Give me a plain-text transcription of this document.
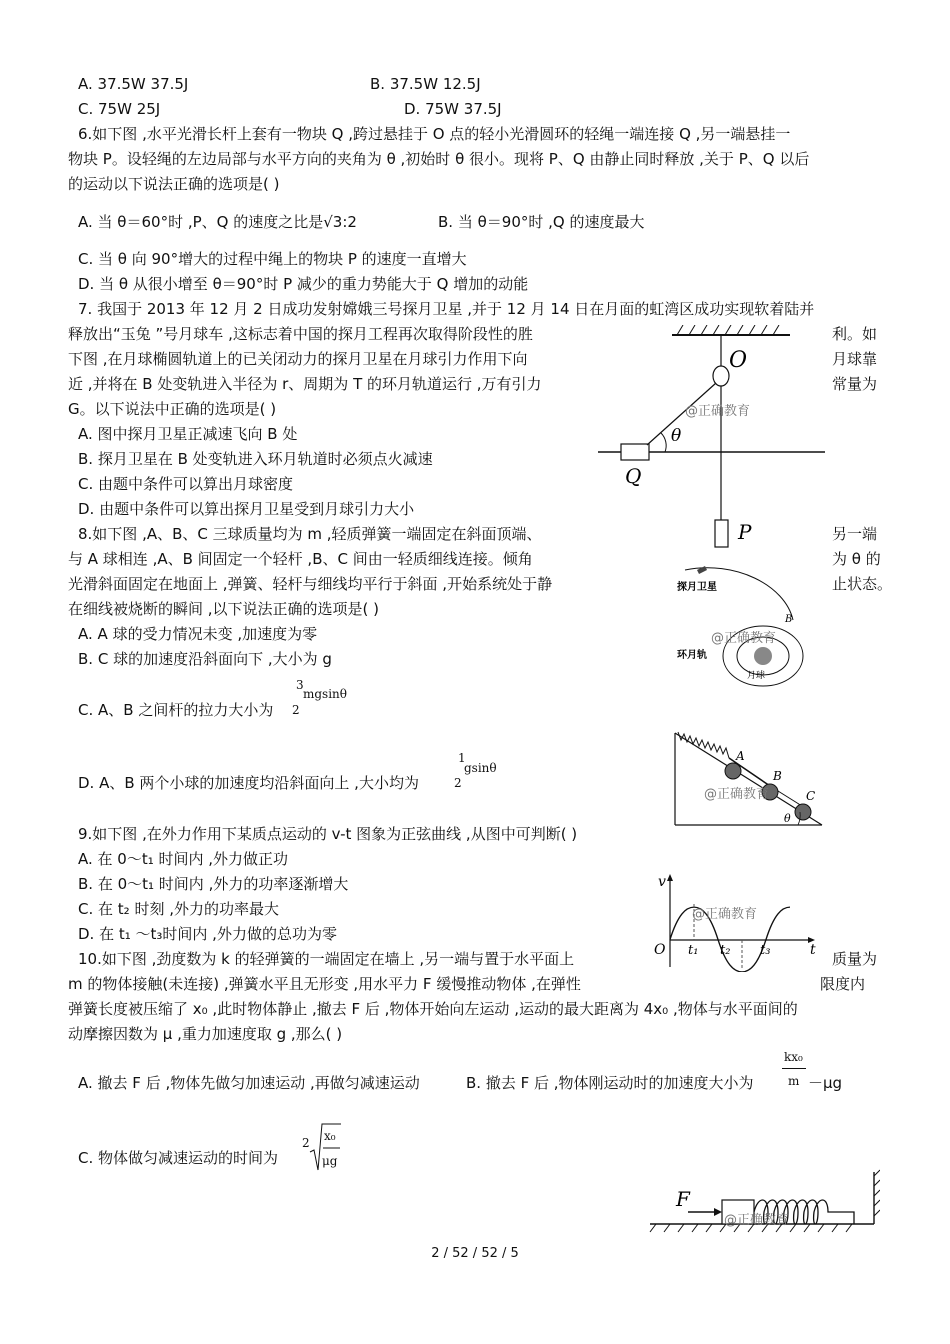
A. 37.5W 37.5J	B. 37.5W 12.5J
C. 75W 25J	D. 75W 37.5J
6.如下图 ,水平光滑长杆上套有一物块 Q ,跨过悬挂于 O 点的轻小光滑圆环的轻绳一端连接 Q ,另一端悬挂一
物块 P。设轻绳的左边局部与水平方向的夹角为 θ ,初始时 θ 很小。现将 P、Q 由静止同时释放 ,关于 P、Q 以后
的运动以下说法正确的选项是( )
A. 当 θ＝60°时 ,P、Q 的速度之比是√3:2	B. 当 θ＝90°时 ,Q 的速度最大
C. 当 θ 向 90°增大的过程中绳上的物块 P 的速度一直增大
D. 当 θ 从很小增至 θ＝90°时 P 减少的重力势能大于 Q 增加的动能
7. 我国于 2013 年 12 月 2 日成功发射嫦娥三号探月卫星 ,并于 12 月 14 日在月面的虹湾区成功实现软着陆并
释放出“玉兔 ”号月球车 ,这标志着中国的探月工程再次取得阶段性的胜	利。如
下图 ,在月球椭圆轨道上的已关闭动力的探月卫星在月球引力作用下向	月球靠
近 ,并将在 B 处变轨进入半径为 r、周期为 T 的环月轨道运行 ,万有引力	常量为
G。以下说法中正确的选项是( )
A. 图中探月卫星正减速飞向 B 处
B. 探月卫星在 B 处变轨进入环月轨道时必须点火减速
C. 由题中条件可以算出月球密度
D. 由题中条件可以算出探月卫星受到月球引力大小
8.如下图 ,A、B、C 三球质量均为 m ,轻质弹簧一端固定在斜面顶端、	另一端
与 A 球相连 ,A、B 间固定一个轻杆 ,B、C 间由一轻质细线连接。倾角	为 θ 的
光滑斜面固定在地面上 ,弹簧、轻杆与细线均平行于斜面 ,开始系统处于静	止状态。
在细线被烧断的瞬间 ,以下说法正确的选项是( )
A. A 球的受力情况未变 ,加速度为零
B. C 球的加速度沿斜面向下 ,大小为 g
C. A、B 之间杆的拉力大小为
3
mgsinθ
2
D. A、B 两个小球的加速度均沿斜面向上 ,大小均为
1
gsinθ
2
9.如下图 ,在外力作用下某质点运动的 v-t 图象为正弦曲线 ,从图中可判断( )
A. 在 0～t₁ 时间内 ,外力做正功
B. 在 0～t₁ 时间内 ,外力的功率逐渐增大
C. 在 t₂ 时刻 ,外力的功率最大
D. 在 t₁ ～t₃时间内 ,外力做的总功为零
10.如下图 ,劲度数为 k 的轻弹簧的一端固定在墙上 ,另一端与置于水平面上	质量为
m 的物体接触(未连接) ,弹簧水平且无形变 ,用水平力 F 缓慢推动物体 ,在弹性	限度内
弹簧长度被压缩了 x₀ ,此时物体静止 ,撤去 F 后 ,物体开始向左运动 ,运动的最大距离为 4x₀ ,物体与水平面间的
动摩擦因数为 μ ,重力加速度取 g ,那么( )
A. 撤去 F 后 ,物体先做匀加速运动 ,再做匀减速运动	B. 撤去 F 后 ,物体刚运动时的加速度大小为
kx₀
m －μg
C. 物体做匀减速运动的时间为
2 x₀
μg
O
Q
θ
P
@正确教育
探月卫星
环月轨
月球
B
@正确教育
A
B
C
θ
@正确教育
v
O t₁ t₂ t₃	t
@正确教育
F
@正确教育
2 / 52 / 52 / 5
